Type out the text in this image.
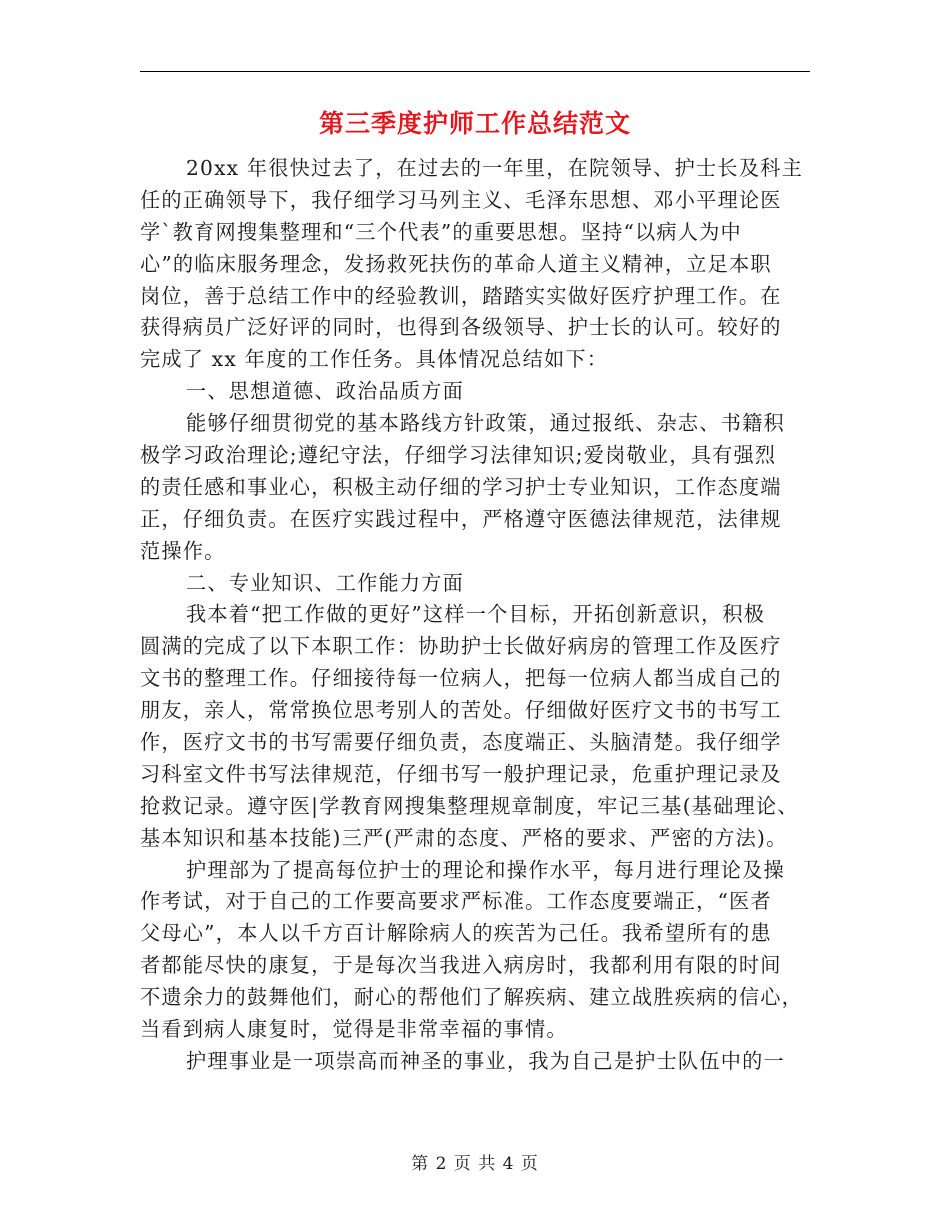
第三季度护师工作总结范文
20xx 年很快过去了，在过去的一年里，在院领导、护士长及科主
任的正确领导下，我仔细学习马列主义、毛泽东思想、邓小平理论医
学`教育网搜集整理和“三个代表”的重要思想。坚持“以病人为中
心”的临床服务理念，发扬救死扶伤的革命人道主义精神，立足本职
岗位，善于总结工作中的经验教训，踏踏实实做好医疗护理工作。在
获得病员广泛好评的同时，也得到各级领导、护士长的认可。较好的
完成了 xx 年度的工作任务。具体情况总结如下：
一、思想道德、政治品质方面
能够仔细贯彻党的基本路线方针政策，通过报纸、杂志、书籍积
极学习政治理论;遵纪守法，仔细学习法律知识;爱岗敬业，具有强烈
的责任感和事业心，积极主动仔细的学习护士专业知识，工作态度端
正，仔细负责。在医疗实践过程中，严格遵守医德法律规范，法律规
范操作。
二、专业知识、工作能力方面
我本着“把工作做的更好”这样一个目标，开拓创新意识，积极
圆满的完成了以下本职工作：协助护士长做好病房的管理工作及医疗
文书的整理工作。仔细接待每一位病人，把每一位病人都当成自己的
朋友，亲人，常常换位思考别人的苦处。仔细做好医疗文书的书写工
作，医疗文书的书写需要仔细负责，态度端正、头脑清楚。我仔细学
习科室文件书写法律规范，仔细书写一般护理记录，危重护理记录及
抢救记录。遵守医|学教育网搜集整理规章制度，牢记三基(基础理论、
基本知识和基本技能)三严(严肃的态度、严格的要求、严密的方法)。
护理部为了提高每位护士的理论和操作水平，每月进行理论及操
作考试，对于自己的工作要高要求严标准。工作态度要端正，“医者
父母心”，本人以千方百计解除病人的疾苦为己任。我希望所有的患
者都能尽快的康复，于是每次当我进入病房时，我都利用有限的时间
不遗余力的鼓舞他们，耐心的帮他们了解疾病、建立战胜疾病的信心，
当看到病人康复时，觉得是非常幸福的事情。
护理事业是一项崇高而神圣的事业，我为自己是护士队伍中的一
第 2 页 共 4 页
